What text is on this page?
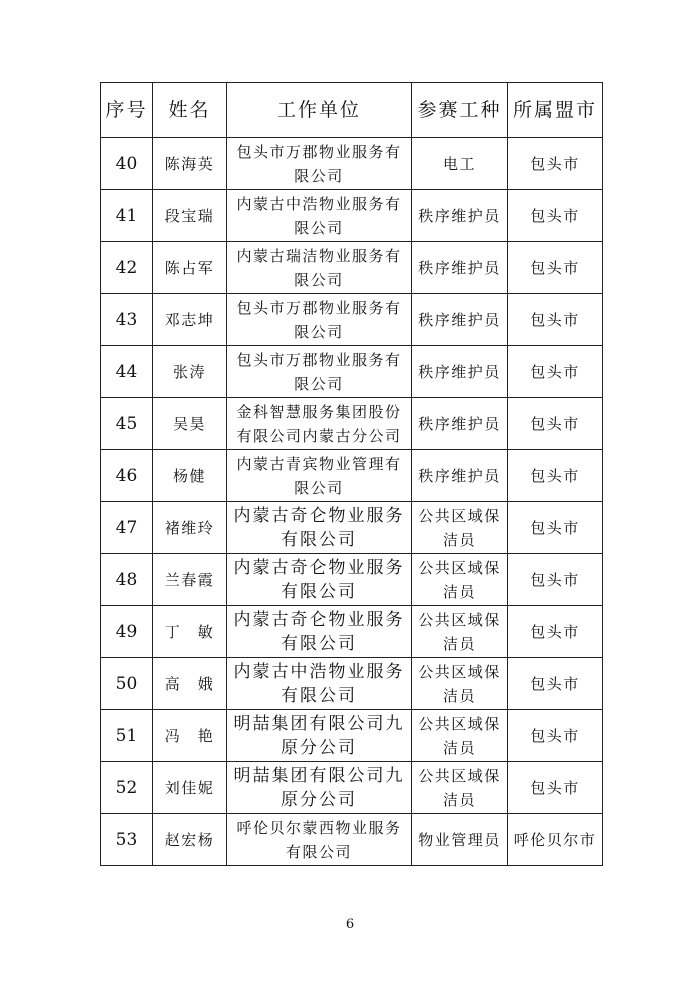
序号	姓名	工作单位	参赛工种	所属盟市
40	陈海英	包头市万郡物业服务有限公司	电工	包头市
41	段宝瑞	内蒙古中浩物业服务有限公司	秩序维护员	包头市
42	陈占军	内蒙古瑞洁物业服务有限公司	秩序维护员	包头市
43	邓志坤	包头市万郡物业服务有限公司	秩序维护员	包头市
44	张涛	包头市万郡物业服务有限公司	秩序维护员	包头市
45	吴昊	金科智慧服务集团股份有限公司内蒙古分公司	秩序维护员	包头市
46	杨健	内蒙古青宾物业管理有限公司	秩序维护员	包头市
47	褚维玲	内蒙古奇仑物业服务有限公司	公共区域保洁员	包头市
48	兰春霞	内蒙古奇仑物业服务有限公司	公共区域保洁员	包头市
49	丁　敏	内蒙古奇仑物业服务有限公司	公共区域保洁员	包头市
50	高　娥	内蒙古中浩物业服务有限公司	公共区域保洁员	包头市
51	冯　艳	明喆集团有限公司九原分公司	公共区域保洁员	包头市
52	刘佳妮	明喆集团有限公司九原分公司	公共区域保洁员	包头市
53	赵宏杨	呼伦贝尔蒙西物业服务有限公司	物业管理员	呼伦贝尔市
6
